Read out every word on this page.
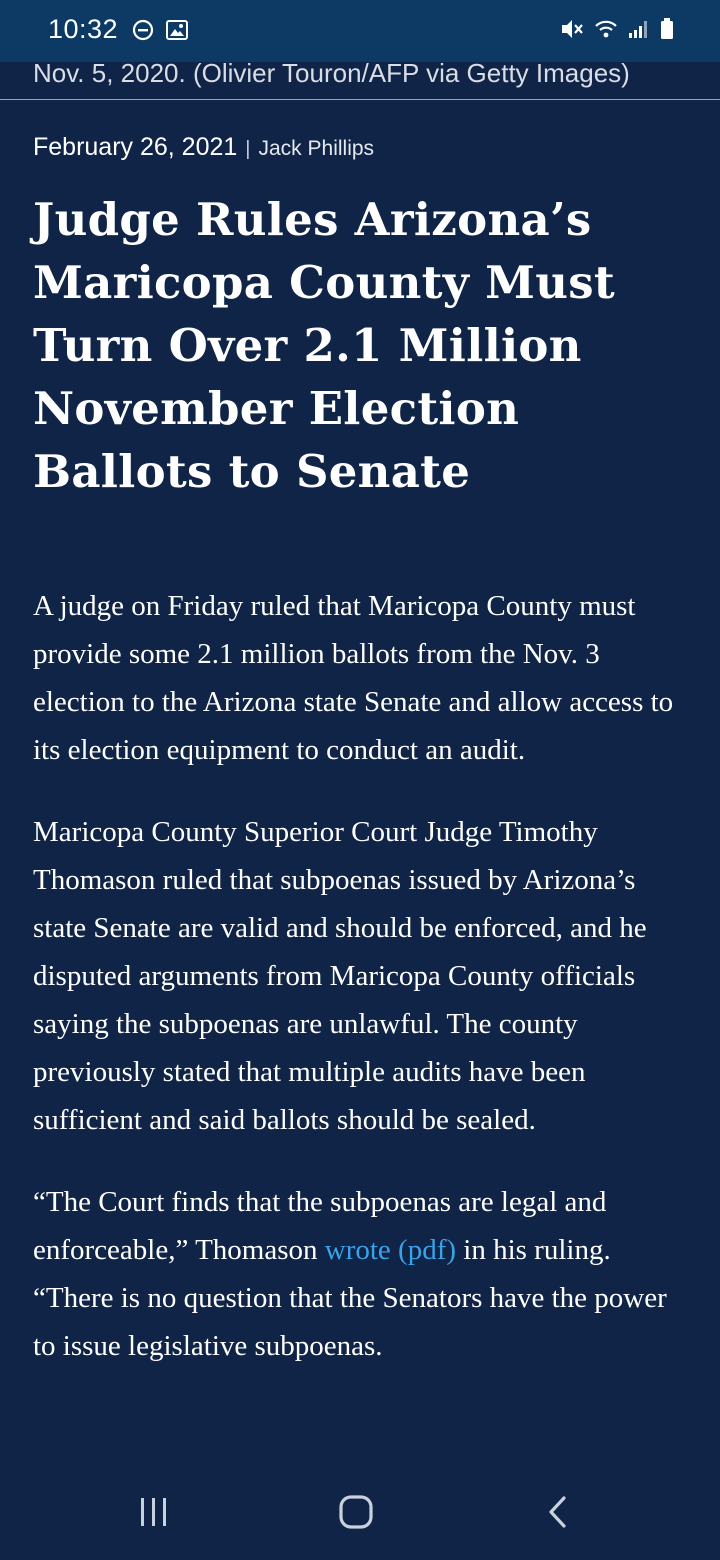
10:32
Nov. 5, 2020. (Olivier Touron/AFP via Getty Images)
February 26, 2021 | Jack Phillips
Judge Rules Arizona’s Maricopa County Must Turn Over 2.1 Million November Election Ballots to Senate

A judge on Friday ruled that Maricopa County must provide some 2.1 million ballots from the Nov. 3 election to the Arizona state Senate and allow access to its election equipment to conduct an audit.

Maricopa County Superior Court Judge Timothy Thomason ruled that subpoenas issued by Arizona’s state Senate are valid and should be enforced, and he disputed arguments from Maricopa County officials saying the subpoenas are unlawful. The county previously stated that multiple audits have been sufficient and said ballots should be sealed.

“The Court finds that the subpoenas are legal and enforceable,” Thomason wrote (pdf) in his ruling. “There is no question that the Senators have the power to issue legislative subpoenas.
